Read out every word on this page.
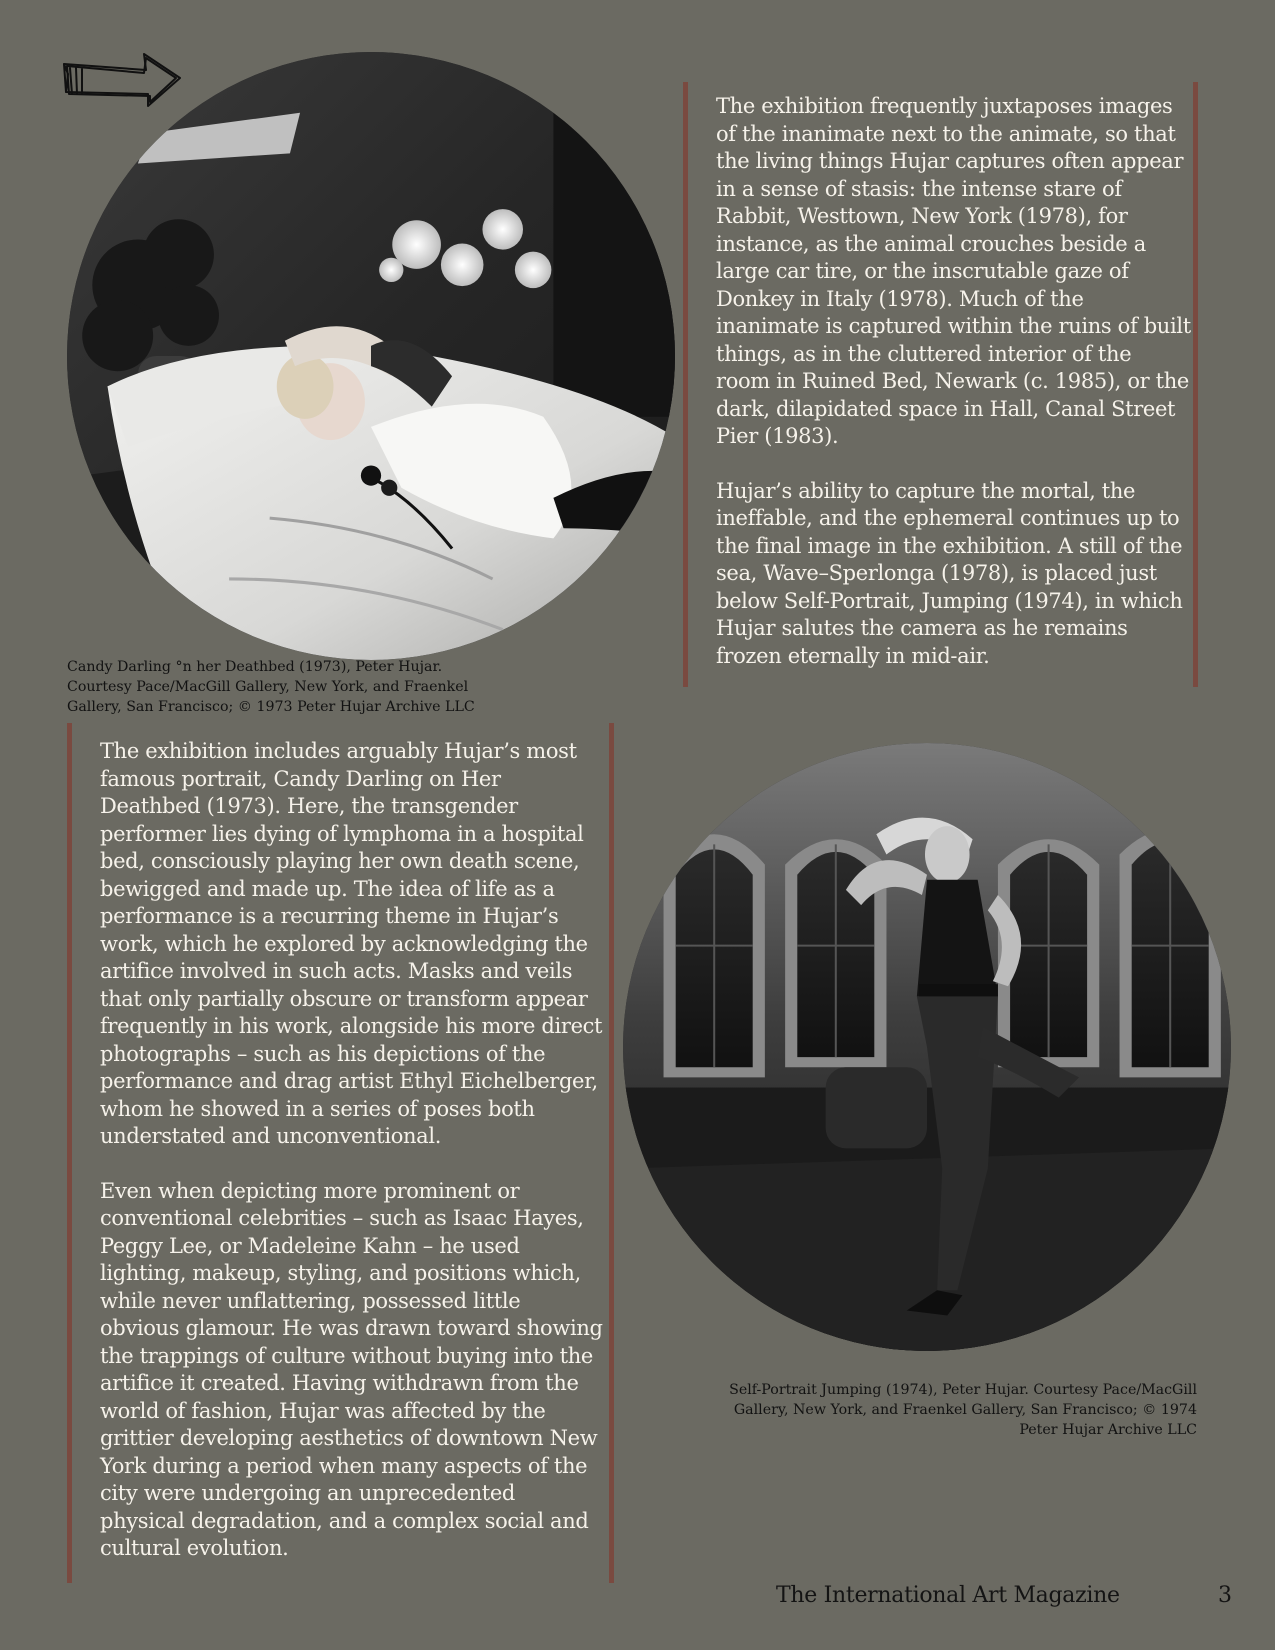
Candy Darling °n her Deathbed (1973), Peter Hujar. Courtesy Pace/MacGill Gallery, New York, and Fraenkel Gallery, San Francisco; © 1973 Peter Hujar Archive LLC

The exhibition frequently juxtaposes images of the inanimate next to the animate, so that the living things Hujar captures often appear in a sense of stasis: the intense stare of Rabbit, Westtown, New York (1978), for instance, as the animal crouches beside a large car tire, or the inscrutable gaze of Donkey in Italy (1978). Much of the inanimate is captured within the ruins of built things, as in the cluttered interior of the room in Ruined Bed, Newark (c. 1985), or the dark, dilapidated space in Hall, Canal Street Pier (1983).

Hujar’s ability to capture the mortal, the ineffable, and the ephemeral continues up to the final image in the exhibition. A still of the sea, Wave–Sperlonga (1978), is placed just below Self-Portrait, Jumping (1974), in which Hujar salutes the camera as he remains frozen eternally in mid-air.

The exhibition includes arguably Hujar’s most famous portrait, Candy Darling on Her Deathbed (1973). Here, the transgender performer lies dying of lymphoma in a hospital bed, consciously playing her own death scene, bewigged and made up. The idea of life as a performance is a recurring theme in Hujar’s work, which he explored by acknowledging the artifice involved in such acts. Masks and veils that only partially obscure or transform appear frequently in his work, alongside his more direct photographs – such as his depictions of the performance and drag artist Ethyl Eichelberger, whom he showed in a series of poses both understated and unconventional.

Even when depicting more prominent or conventional celebrities – such as Isaac Hayes, Peggy Lee, or Madeleine Kahn – he used lighting, makeup, styling, and positions which, while never unflattering, possessed little obvious glamour. He was drawn toward showing the trappings of culture without buying into the artifice it created. Having withdrawn from the world of fashion, Hujar was affected by the grittier developing aesthetics of downtown New York during a period when many aspects of the city were undergoing an unprecedented physical degradation, and a complex social and cultural evolution.

Self-Portrait Jumping (1974), Peter Hujar. Courtesy Pace/MacGill Gallery, New York, and Fraenkel Gallery, San Francisco; © 1974 Peter Hujar Archive LLC
The International Art Magazine	3
